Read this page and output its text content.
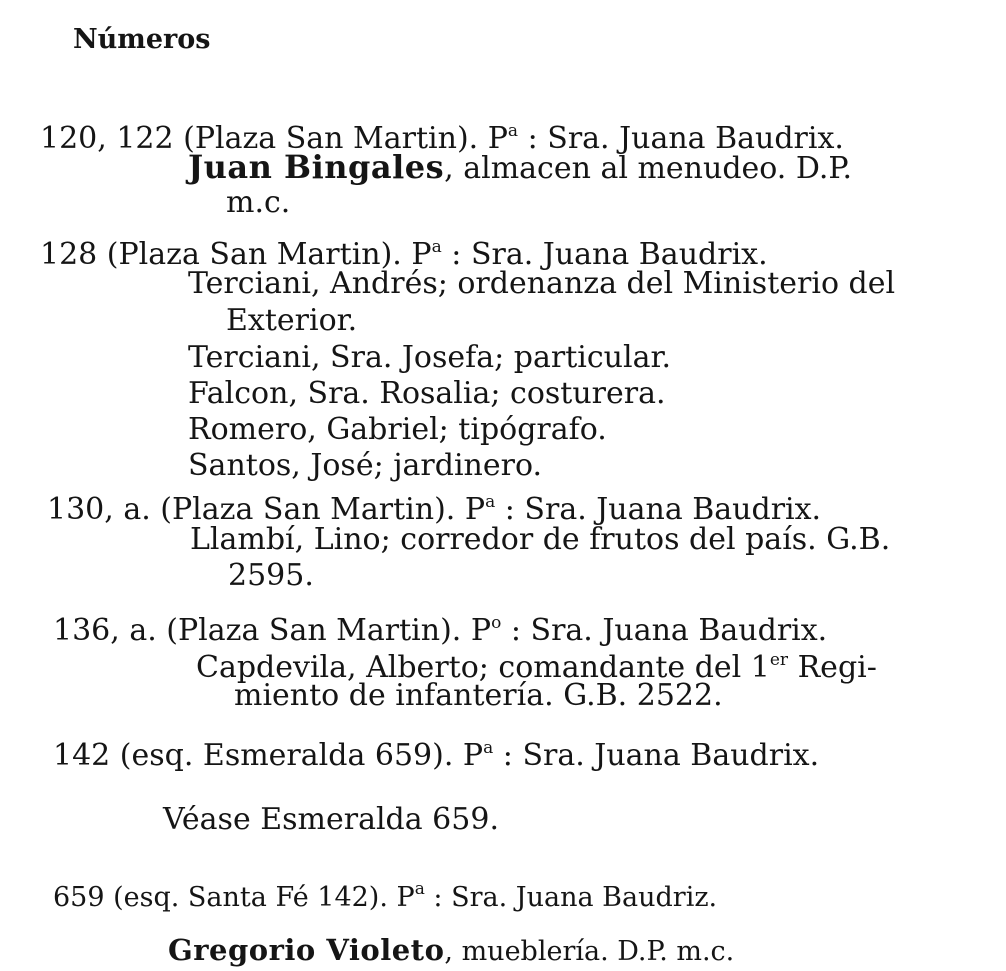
Números
120, 122 (Plaza San Martin). $P^a$ : Sra. Juana Baudrix.
Juan Bingales, almacen al menudeo. D.P.
m.c.
128 (Plaza San Martin). $P^a$ : Sra. Juana Baudrix.
Terciani, Andrés; ordenanza del Ministerio del
Exterior.
Terciani, Sra. Josefa; particular.
Falcon, Sra. Rosalia; costurera.
Romero, Gabriel; tipógrafo.
Santos, José; jardinero.
130, a. (Plaza San Martin). $P^a$ : Sra. Juana Baudrix.
Llambí, Lino; corredor de frutos del país. G.B.
2595.
136, a. (Plaza San Martin). $P^o$ : Sra. Juana Baudrix.
Capdevila, Alberto; comandante del 1er Regi-
miento de infantería. G.B. 2522.
142 (esq. Esmeralda 659). $P^a$ : Sra. Juana Baudrix.
Véase Esmeralda 659.
659 (esq. Santa Fé 142). $P^a$ : Sra. Juana Baudriz.
Gregorio Violeto, mueblería. D.P. m.c.
